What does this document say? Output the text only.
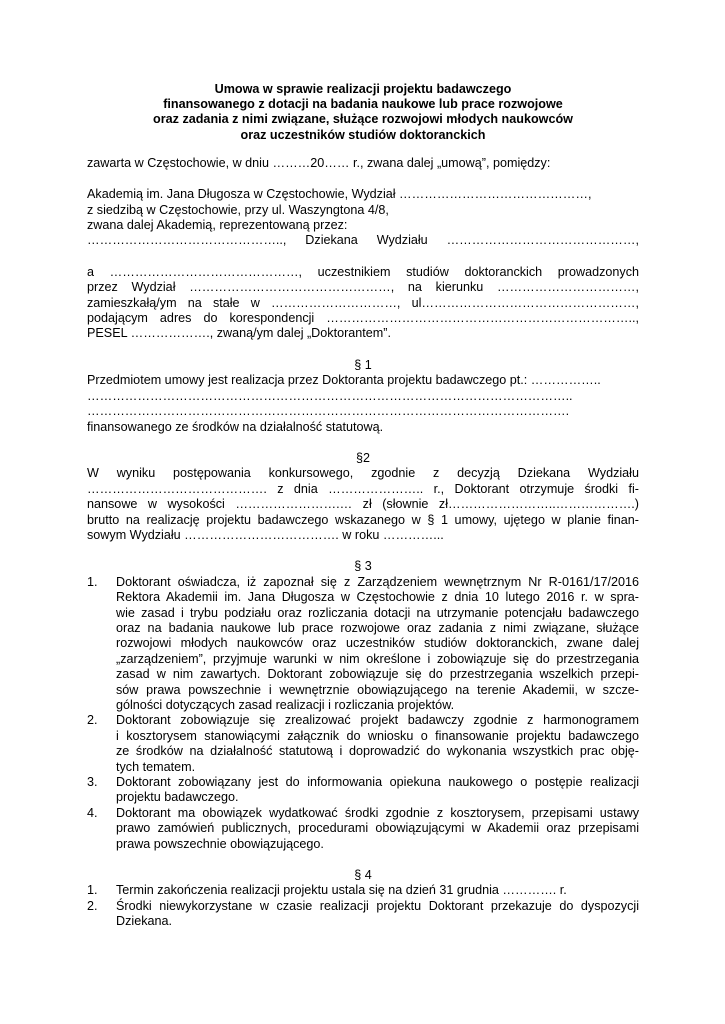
Umowa w sprawie realizacji projektu badawczego
finansowanego z dotacji na badania naukowe lub prace rozwojowe
oraz zadania z nimi związane, służące rozwojowi młodych naukowców
oraz uczestników studiów doktoranckich
zawarta w Częstochowie, w dniu ………20…… r., zwana dalej „umową”, pomiędzy:
Akademią im. Jana Długosza w Częstochowie, Wydział ………………………………………,
z siedzibą w Częstochowie, przy ul. Waszyngtona 4/8,
zwana dalej Akademią, reprezentowaną przez:
……………………………………….., Dziekana Wydziału ………………………………………,
a ………………………………………, uczestnikiem studiów doktoranckich prowadzonych
przez Wydział …………………………………………, na kierunku ……………………………,
zamieszkałą/ym na stałe w …………………………, ul……………………………………………,
podającym adres do korespondencji ………………………………………………………………..,
PESEL ………………., zwaną/ym dalej „Doktorantem”.
§ 1
Przedmiotem umowy jest realizacja przez Doktoranta projektu badawczego pt.: ……………..
……………………………………………………………………………………………………..
…………………………………………………………………………………………………….
finansowanego ze środków na działalność statutową.
§2
W wyniku postępowania konkursowego, zgodnie z decyzją Dziekana Wydziału
……………………………………. z dnia ………………….. r., Doktorant otrzymuje środki fi-
nansowe w wysokości …………………….… zł (słownie zł……………………..……………….)
brutto na realizację projektu badawczego wskazanego w § 1 umowy, ujętego w planie finan-
sowym Wydziału ………………………………. w roku …………...
§ 3
1. Doktorant oświadcza, iż zapoznał się z Zarządzeniem wewnętrznym Nr R-0161/17/2016
Rektora Akademii im. Jana Długosza w Częstochowie z dnia 10 lutego 2016 r. w spra-
wie zasad i trybu podziału oraz rozliczania dotacji na utrzymanie potencjału badawczego
oraz na badania naukowe lub prace rozwojowe oraz zadania z nimi związane, służące
rozwojowi młodych naukowców oraz uczestników studiów doktoranckich, zwane dalej
„zarządzeniem”, przyjmuje warunki w nim określone i zobowiązuje się do przestrzegania
zasad w nim zawartych. Doktorant zobowiązuje się do przestrzegania wszelkich przepi-
sów prawa powszechnie i wewnętrznie obowiązującego na terenie Akademii, w szcze-
gólności dotyczących zasad realizacji i rozliczania projektów.
2. Doktorant zobowiązuje się zrealizować projekt badawczy zgodnie z harmonogramem
i kosztorysem stanowiącymi załącznik do wniosku o finansowanie projektu badawczego
ze środków na działalność statutową i doprowadzić do wykonania wszystkich prac obję-
tych tematem.
3. Doktorant zobowiązany jest do informowania opiekuna naukowego o postępie realizacji
projektu badawczego.
4. Doktorant ma obowiązek wydatkować środki zgodnie z kosztorysem, przepisami ustawy
prawo zamówień publicznych, procedurami obowiązującymi w Akademii oraz przepisami
prawa powszechnie obowiązującego.
§ 4
1. Termin zakończenia realizacji projektu ustala się na dzień 31 grudnia …………. r.
2. Środki niewykorzystane w czasie realizacji projektu Doktorant przekazuje do dyspozycji
Dziekana.
